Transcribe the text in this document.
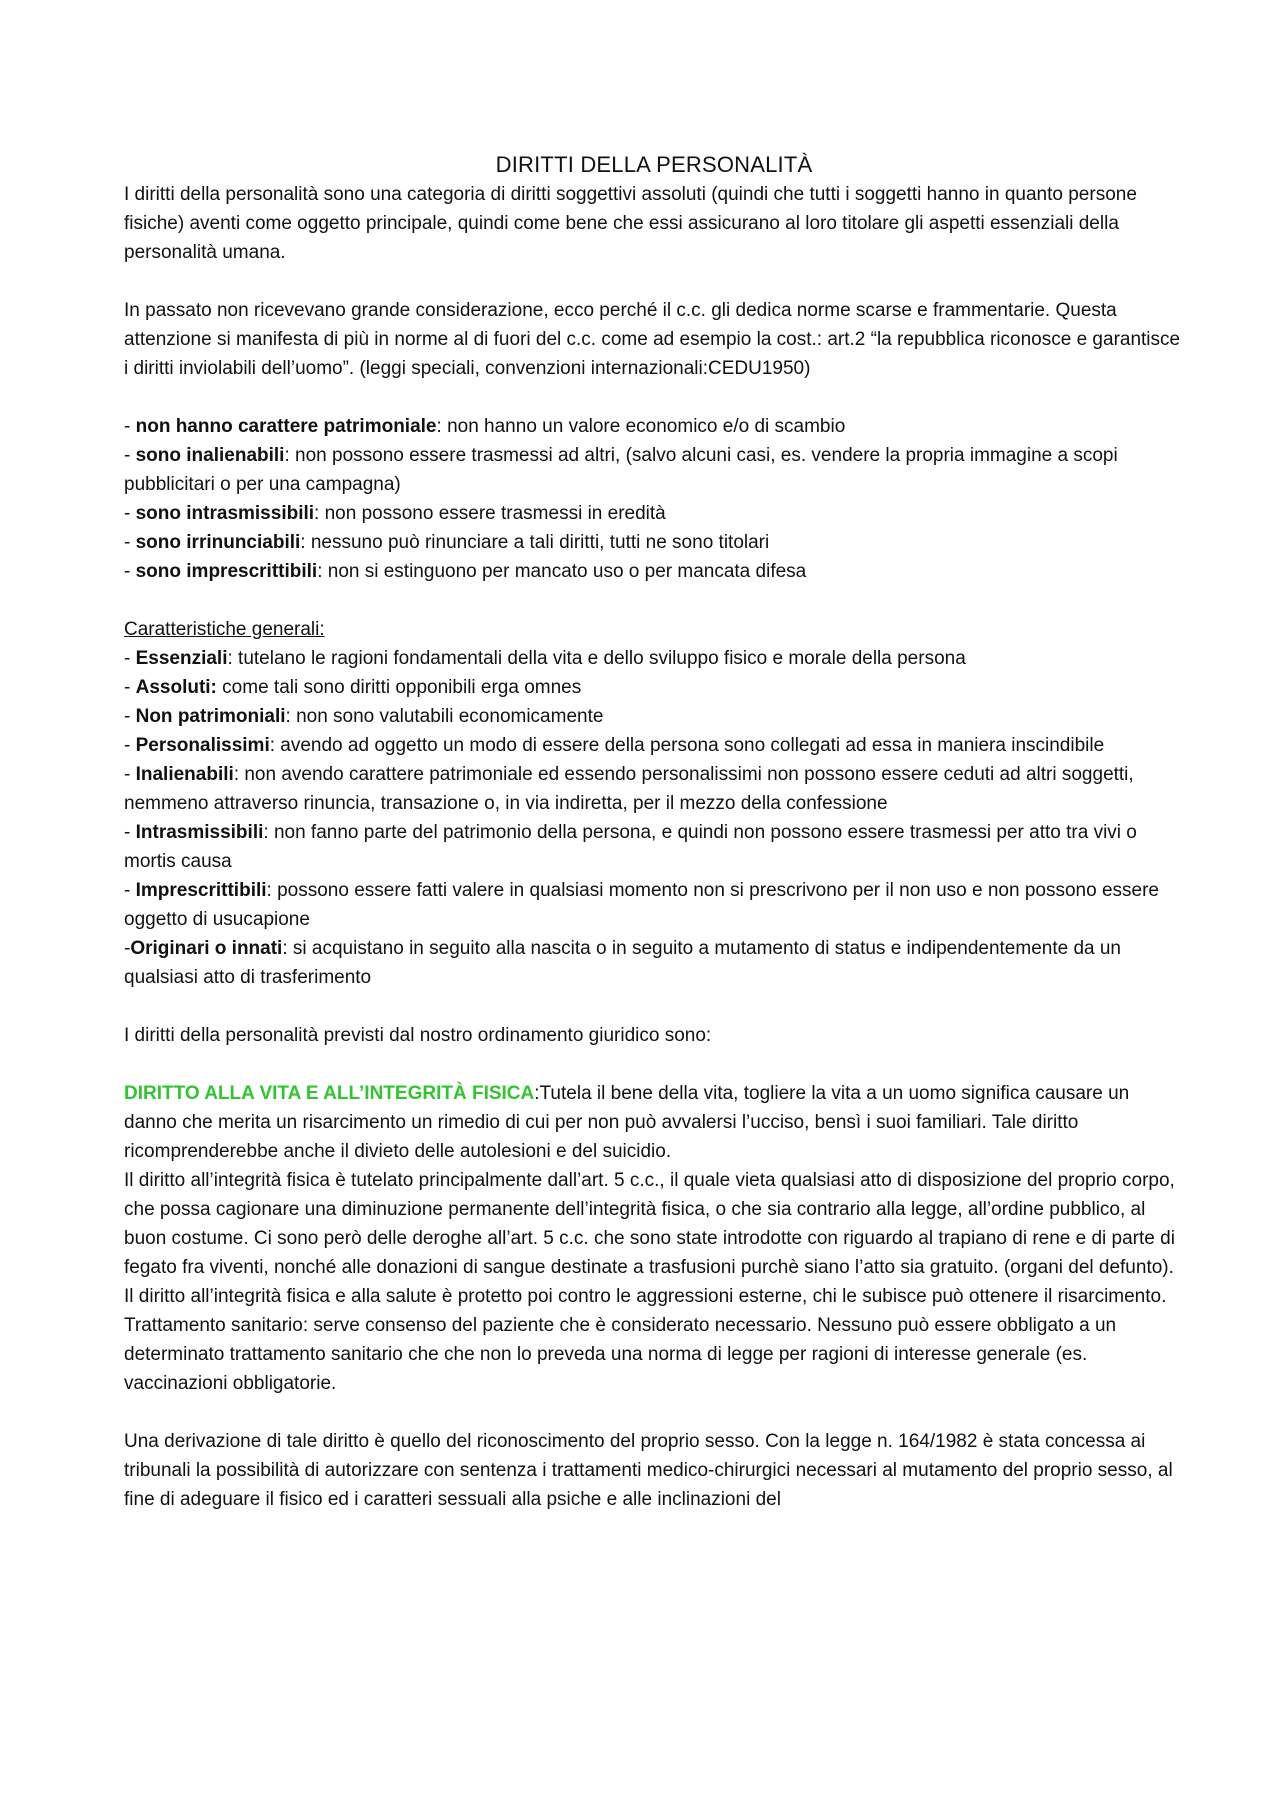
DIRITTI DELLA PERSONALITÀ

I diritti della personalità sono una categoria di diritti soggettivi assoluti (quindi che tutti i soggetti hanno in quanto persone fisiche) aventi come oggetto principale, quindi come bene che essi assicurano al loro titolare gli aspetti essenziali della personalità umana.

In passato non ricevevano grande considerazione, ecco perché il c.c. gli dedica norme scarse e frammentarie. Questa attenzione si manifesta di più in norme al di fuori del c.c. come ad esempio la cost.: art.2 “la repubblica riconosce e garantisce i diritti inviolabili dell’uomo”. (leggi speciali, convenzioni internazionali:CEDU1950)

- non hanno carattere patrimoniale: non hanno un valore economico e/o di scambio

- sono inalienabili: non possono essere trasmessi ad altri, (salvo alcuni casi, es. vendere la propria immagine a scopi pubblicitari o per una campagna)

- sono intrasmissibili: non possono essere trasmessi in eredità

- sono irrinunciabili: nessuno può rinunciare a tali diritti, tutti ne sono titolari

- sono imprescrittibili: non si estinguono per mancato uso o per mancata difesa

Caratteristiche generali:

- Essenziali: tutelano le ragioni fondamentali della vita e dello sviluppo fisico e morale della persona

- Assoluti: come tali sono diritti opponibili erga omnes

- Non patrimoniali: non sono valutabili economicamente

- Personalissimi: avendo ad oggetto un modo di essere della persona sono collegati ad essa in maniera inscindibile

- Inalienabili: non avendo carattere patrimoniale ed essendo personalissimi non possono essere ceduti ad altri soggetti, nemmeno attraverso rinuncia, transazione o, in via indiretta, per il mezzo della confessione

- Intrasmissibili: non fanno parte del patrimonio della persona, e quindi non possono essere trasmessi per atto tra vivi o mortis causa

- Imprescrittibili: possono essere fatti valere in qualsiasi momento non si prescrivono per il non uso e non possono essere oggetto di usucapione

-Originari o innati: si acquistano in seguito alla nascita o in seguito a mutamento di status e indipendentemente da un qualsiasi atto di trasferimento

I diritti della personalità previsti dal nostro ordinamento giuridico sono:

DIRITTO ALLA VITA E ALL’INTEGRITÀ FISICA:Tutela il bene della vita, togliere la vita a un uomo significa causare un danno che merita un risarcimento un rimedio di cui per non può avvalersi l’ucciso, bensì i suoi familiari. Tale diritto ricomprenderebbe anche il divieto delle autolesioni e del suicidio.

Il diritto all’integrità fisica è tutelato principalmente dall’art. 5 c.c., il quale vieta qualsiasi atto di disposizione del proprio corpo, che possa cagionare una diminuzione permanente dell’integrità fisica, o che sia contrario alla legge, all’ordine pubblico, al buon costume. Ci sono però delle deroghe all’art. 5 c.c. che sono state introdotte con riguardo al trapiano di rene e di parte di fegato fra viventi, nonché alle donazioni di sangue destinate a trasfusioni purchè siano l’atto sia gratuito. (organi del defunto).

Il diritto all’integrità fisica e alla salute è protetto poi contro le aggressioni esterne, chi le subisce può ottenere il risarcimento.

Trattamento sanitario: serve consenso del paziente che è considerato necessario. Nessuno può essere obbligato a un determinato trattamento sanitario che che non lo preveda una norma di legge per ragioni di interesse generale (es. vaccinazioni obbligatorie.

Una derivazione di tale diritto è quello del riconoscimento del proprio sesso. Con la legge n. 164/1982 è stata concessa ai tribunali la possibilità di autorizzare con sentenza i trattamenti medico-chirurgici necessari al mutamento del proprio sesso, al fine di adeguare il fisico ed i caratteri sessuali alla psiche e alle inclinazioni del
